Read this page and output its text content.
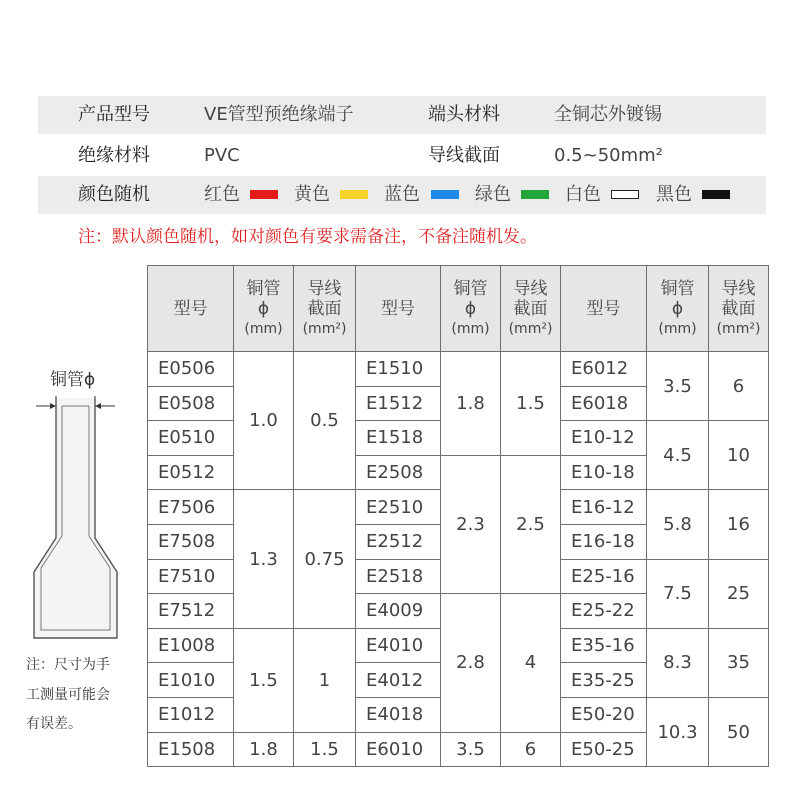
产品型号	VE管型预绝缘端子	端头材料	全铜芯外镀锡
绝缘材料	PVC	导线截面	0.5~50mm²
颜色随机	红色	黄色	蓝色	绿色	白色	黑色
注：默认颜色随机，如对颜色有要求需备注，不备注随机发。
铜管ϕ
注：尺寸为手
工测量可能会
有误差。
型号	铜管
ϕ
(mm)	导线
截面
(mm²)	型号	铜管
ϕ
(mm)	导线
截面
(mm²)	型号	铜管
ϕ
(mm)	导线
截面
(mm²)

E0506	1.0	0.5	E1510	1.8	1.5	E6012	3.5	6
E0508			E1512			E6018		
E0510			E1518			E10-12	4.5	10
E0512			E2508	2.3	2.5	E10-18		
E7506	1.3	0.75	E2510			E16-12	5.8	16
E7508			E2512			E16-18		
E7510			E2518			E25-16	7.5	25
E7512			E4009	2.8	4	E25-22		
E1008	1.5	1	E4010			E35-16	8.3	35
E1010			E4012			E35-25		
E1012			E4018			E50-20	10.3	50
E1508	1.8	1.5	E6010	3.5	6	E50-25		
